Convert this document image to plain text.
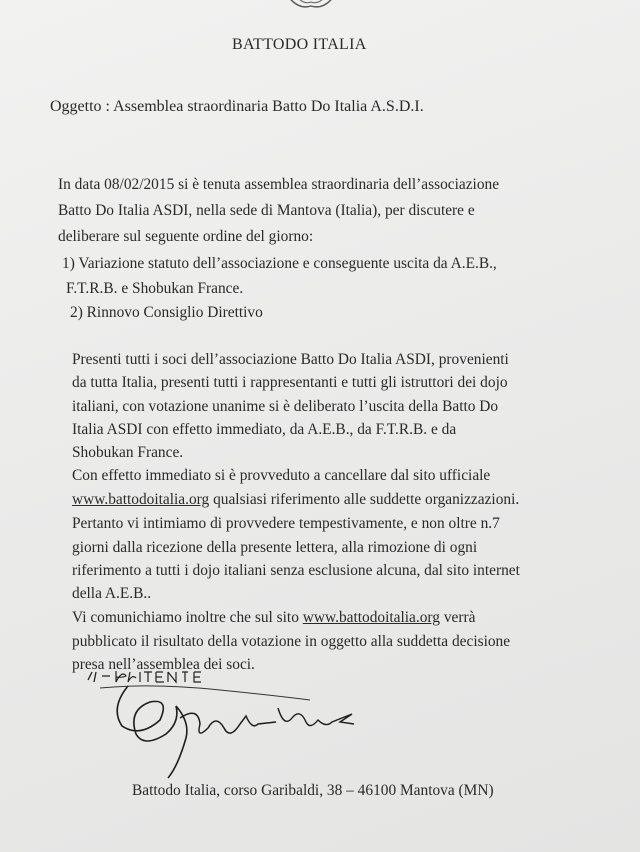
BATTODO ITALIA
Oggetto : Assemblea straordinaria Batto Do Italia A.S.D.I.
In data 08/02/2015 si è tenuta assemblea straordinaria dell’associazione
Batto Do Italia ASDI, nella sede di Mantova (Italia), per discutere e
deliberare sul seguente ordine del giorno:
1) Variazione statuto dell’associazione e conseguente uscita da A.E.B.,
F.T.R.B. e Shobukan France.
2) Rinnovo Consiglio Direttivo
Presenti tutti i soci dell’associazione Batto Do Italia ASDI, provenienti
da tutta Italia, presenti tutti i rappresentanti e tutti gli istruttori dei dojo
italiani, con votazione unanime si è deliberato l’uscita della Batto Do
Italia ASDI con effetto immediato, da A.E.B., da F.T.R.B. e da
Shobukan France.
Con effetto immediato si è provveduto a cancellare dal sito ufficiale
www.battodoitalia.org qualsiasi riferimento alle suddette organizzazioni.
Pertanto vi intimiamo di provvedere tempestivamente, e non oltre n.7
giorni dalla ricezione della presente lettera, alla rimozione di ogni
riferimento a tutti i dojo italiani senza esclusione alcuna, dal sito internet
della A.E.B..
Vi comunichiamo inoltre che sul sito www.battodoitalia.org verrà
pubblicato il risultato della votazione in oggetto alla suddetta decisione
presa nell’assemblea dei soci.
Battodo Italia, corso Garibaldi, 38 – 46100 Mantova (MN)
